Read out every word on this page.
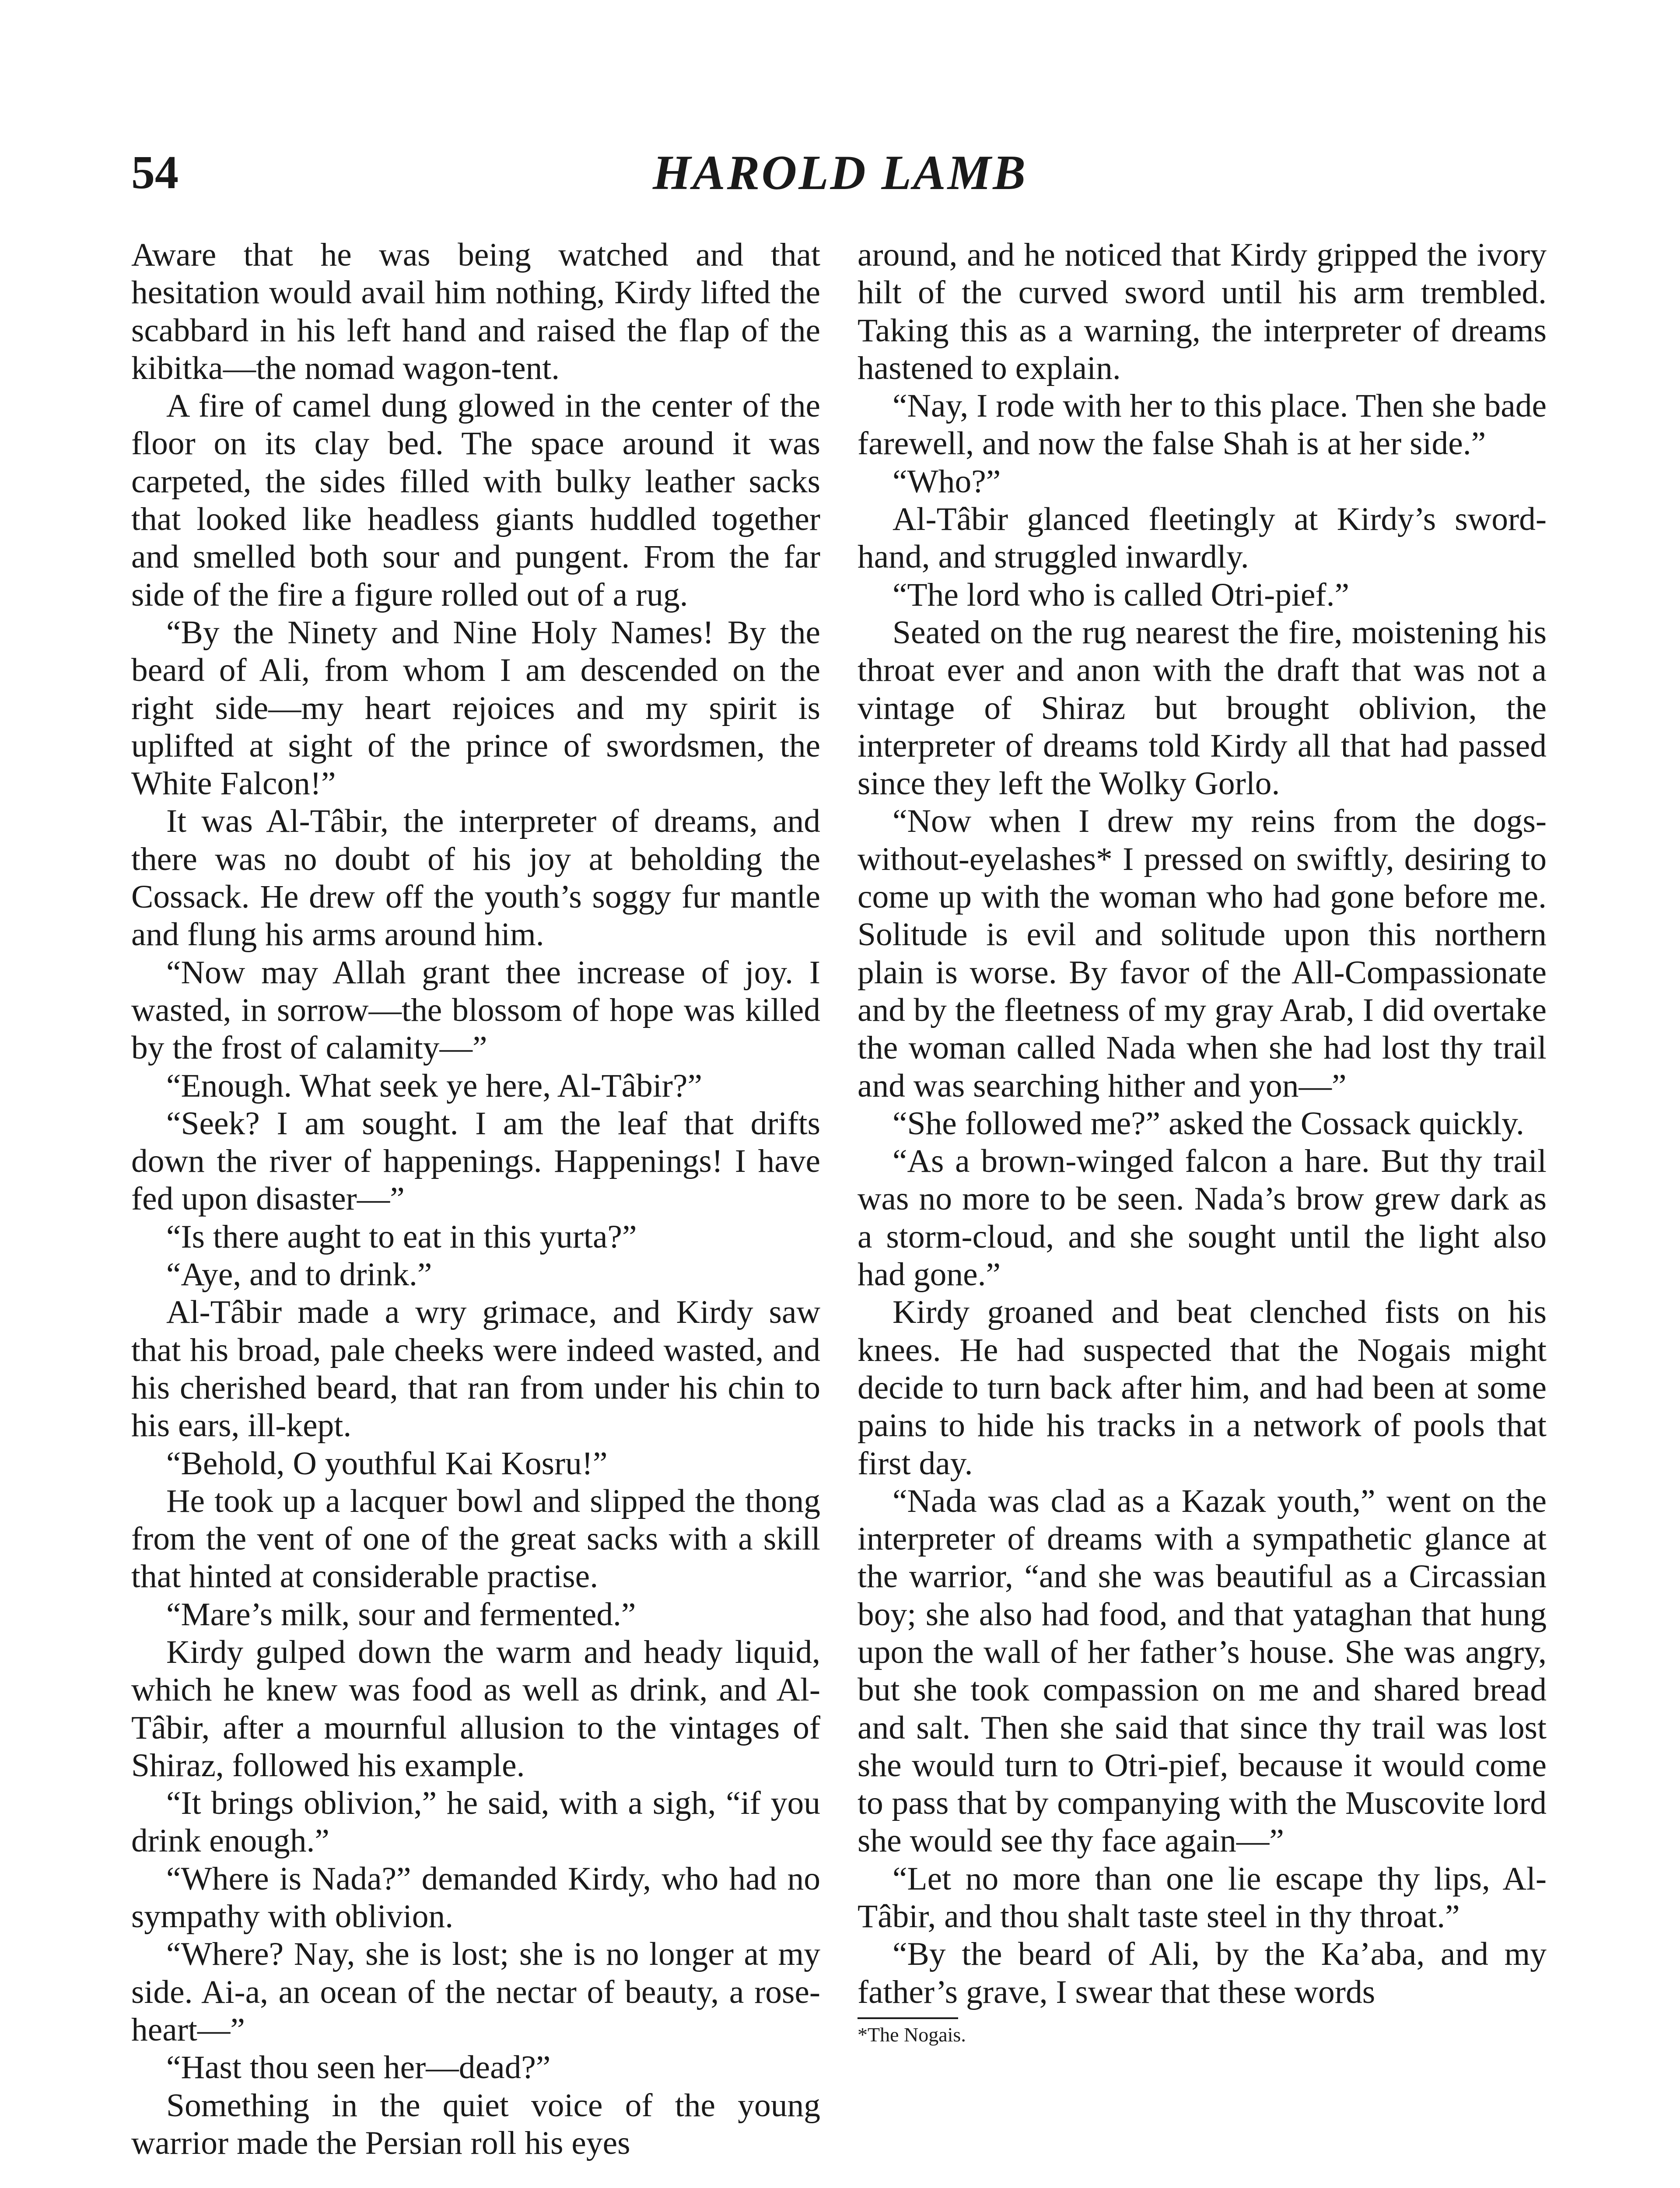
54	HAROLD LAMB

Aware that he was being watched and that hesitation would avail him nothing, Kirdy lifted the scabbard in his left hand and raised the flap of the kibitka—the nomad wagon-tent.

A fire of camel dung glowed in the center of the floor on its clay bed. The space around it was carpeted, the sides filled with bulky leather sacks that looked like headless giants huddled together and smelled both sour and pungent. From the far side of the fire a figure rolled out of a rug.

“By the Ninety and Nine Holy Names! By the beard of Ali, from whom I am descended on the right side—my heart rejoices and my spirit is uplifted at sight of the prince of swordsmen, the White Falcon!”

It was Al-Tâbir, the interpreter of dreams, and there was no doubt of his joy at beholding the Cossack. He drew off the youth’s soggy fur mantle and flung his arms around him.

“Now may Allah grant thee increase of joy. I wasted, in sorrow—the blossom of hope was killed by the frost of calamity—”

“Enough. What seek ye here, Al-Tâbir?”

“Seek? I am sought. I am the leaf that drifts down the river of happenings. Happenings! I have fed upon disaster—”

“Is there aught to eat in this yurta?”

“Aye, and to drink.”

Al-Tâbir made a wry grimace, and Kirdy saw that his broad, pale cheeks were indeed wasted, and his cherished beard, that ran from under his chin to his ears, ill-kept.

“Behold, O youthful Kai Kosru!”

He took up a lacquer bowl and slipped the thong from the vent of one of the great sacks with a skill that hinted at considerable practise.

“Mare’s milk, sour and fermented.”

Kirdy gulped down the warm and heady liquid, which he knew was food as well as drink, and Al-Tâbir, after a mournful allusion to the vintages of Shiraz, followed his example.

“It brings oblivion,” he said, with a sigh, “if you drink enough.”

“Where is Nada?” demanded Kirdy, who had no sympathy with oblivion.

“Where? Nay, she is lost; she is no longer at my side. Ai-a, an ocean of the nectar of beauty, a rose-heart—”

“Hast thou seen her—dead?”

Something in the quiet voice of the young warrior made the Persian roll his eyes

around, and he noticed that Kirdy gripped the ivory hilt of the curved sword until his arm trembled. Taking this as a warning, the interpreter of dreams hastened to explain.

“Nay, I rode with her to this place. Then she bade farewell, and now the false Shah is at her side.”

“Who?”

Al-Tâbir glanced fleetingly at Kirdy’s sword-hand, and struggled inwardly.

“The lord who is called Otri-pief.”

Seated on the rug nearest the fire, moistening his throat ever and anon with the draft that was not a vintage of Shiraz but brought oblivion, the interpreter of dreams told Kirdy all that had passed since they left the Wolky Gorlo.

“Now when I drew my reins from the dogs-without-eyelashes* I pressed on swiftly, desiring to come up with the woman who had gone before me. Solitude is evil and solitude upon this northern plain is worse. By favor of the All-Compassionate and by the fleetness of my gray Arab, I did overtake the woman called Nada when she had lost thy trail and was searching hither and yon—”

“She followed me?” asked the Cossack quickly.

“As a brown-winged falcon a hare. But thy trail was no more to be seen. Nada’s brow grew dark as a storm-cloud, and she sought until the light also had gone.”

Kirdy groaned and beat clenched fists on his knees. He had suspected that the Nogais might decide to turn back after him, and had been at some pains to hide his tracks in a network of pools that first day.

“Nada was clad as a Kazak youth,” went on the interpreter of dreams with a sympathetic glance at the warrior, “and she was beautiful as a Circassian boy; she also had food, and that yataghan that hung upon the wall of her father’s house. She was angry, but she took compassion on me and shared bread and salt. Then she said that since thy trail was lost she would turn to Otri-pief, because it would come to pass that by companying with the Muscovite lord she would see thy face again—”

“Let no more than one lie escape thy lips, Al-Tâbir, and thou shalt taste steel in thy throat.”

“By the beard of Ali, by the Ka’aba, and my father’s grave, I swear that these words

*The Nogais.
